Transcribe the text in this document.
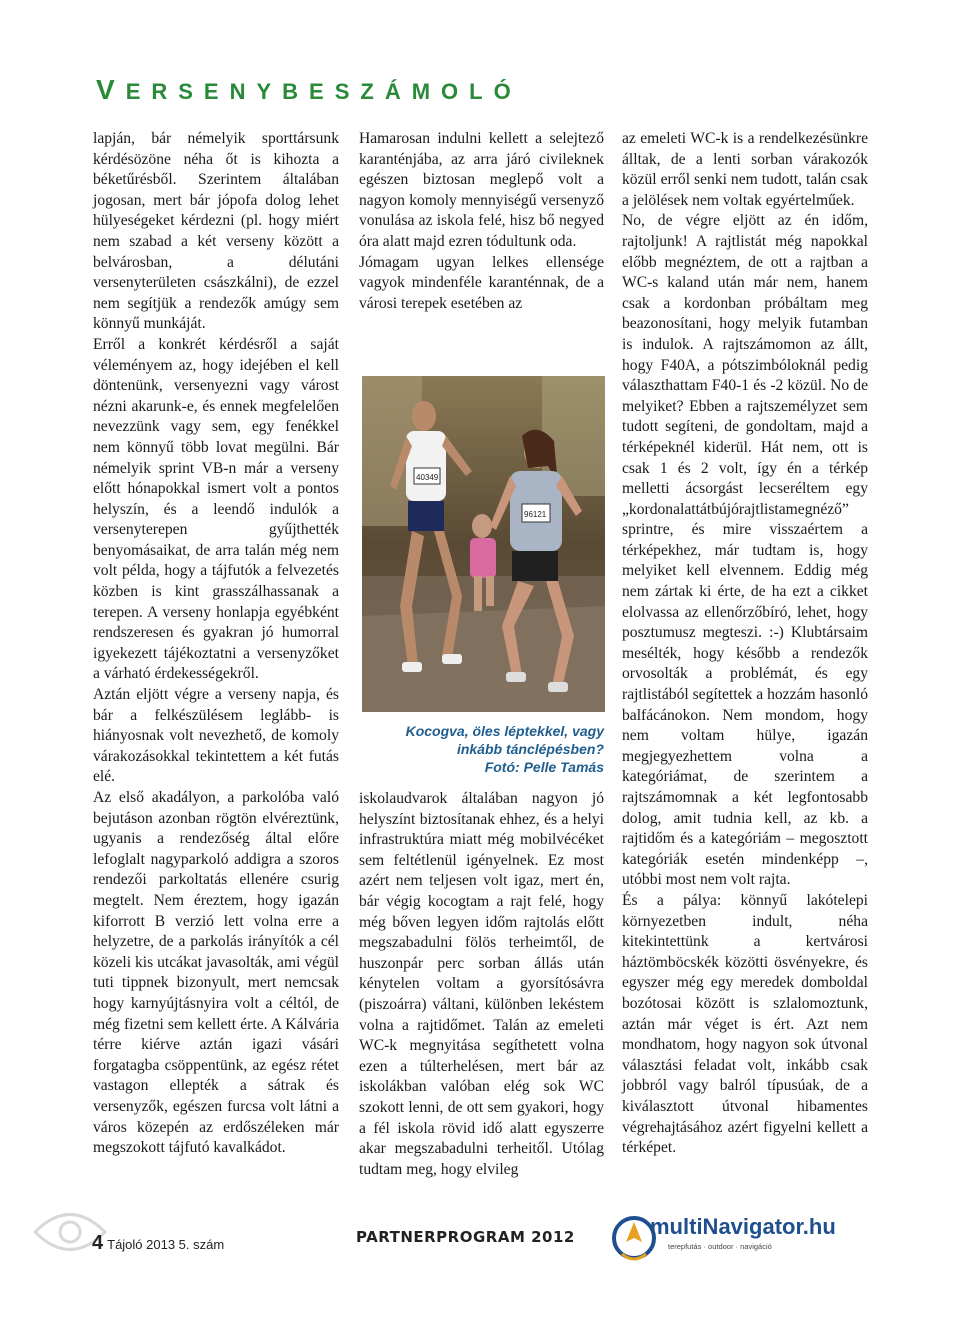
VERSENYBESZÁMOLÓ

lapján, bár némelyik sporttársunk kérdésözöne néha őt is kihozta a béketűrésből. Szerintem általában jogosan, mert bár jópofa dolog lehet hülyeségeket kérdezni (pl. hogy miért nem szabad a két verseny között a belvárosban, a délutáni versenyterületen császkálni), de ezzel nem segítjük a rendezők amúgy sem könnyű munkáját.

Erről a konkrét kérdésről a saját véleményem az, hogy idejében el kell döntenünk, versenyezni vagy várost nézni akarunk-e, és ennek megfelelően nevezzünk vagy sem, egy fenékkel nem könnyű több lovat megülni. Bár némelyik sprint VB-n már a verseny előtt hónapokkal ismert volt a pontos helyszín, és a leendő indulók a versenyterepen gyűjthették benyomásaikat, de arra talán még nem volt példa, hogy a tájfutók a felvezetés közben is kint grasszálhassanak a terepen. A verseny honlapja egyébként rendszeresen és gyakran jó humorral igyekezett tájékoztatni a versenyzőket a várható érdekességekről.

Aztán eljött végre a verseny napja, és bár a felkészülésem leglább- is hiányosnak volt nevezhető, de komoly várakozásokkal tekintettem a két futás elé.

Az első akadályon, a parkolóba való bejutáson azonban rögtön elvéreztünk, ugyanis a rendezőség által előre lefoglalt nagyparkoló addigra a szoros rendezői parkoltatás ellenére csurig megtelt. Nem éreztem, hogy igazán kiforrott B verzió lett volna erre a helyzetre, de a parkolás irányítók a cél közeli kis utcákat javasolták, ami végül tuti tippnek bizonyult, mert nemcsak hogy karnyújtásnyira volt a céltól, de még fizetni sem kellett érte. A Kálvária térre kiérve aztán igazi vásári forgatagba csöppentünk, az egész rétet vastagon ellepték a sátrak és versenyzők, egészen furcsa volt látni a város közepén az erdőszéleken már megszokott tájfutó kavalkádot.

Hamarosan indulni kellett a selejtező karanténjába, az arra járó civileknek egészen biztosan meglepő volt a nagyon komoly mennyiségű versenyző vonulása az iskola felé, hisz bő negyed óra alatt majd ezren tódultunk oda.

Jómagam ugyan lelkes ellensége vagyok mindenféle karanténnak, de a városi terepek esetében az

40349
96121
Kocogva, öles léptekkel, vagy
inkább tánclépésben?
Fotó: Pelle Tamás

iskolaudvarok általában nagyon jó helyszínt biztosítanak ehhez, és a helyi infrastruktúra miatt még mobilvécéket sem feltétlenül igényelnek. Ez most azért nem teljesen volt igaz, mert én, bár végig kocogtam a rajt felé, hogy még bőven legyen időm rajtolás előtt megszabadulni fölös terheimtől, de huszonpár perc sorban állás után kénytelen voltam a gyorsítósávra (piszoárra) váltani, különben lekéstem volna a rajtidőmet. Talán az emeleti WC-k megnyitása segíthetett volna ezen a túlterhelésen, mert bár az iskolákban valóban elég sok WC szokott lenni, de ott sem gyakori, hogy a fél iskola rövid idő alatt egyszerre akar megszabadulni terheitől. Utólag tudtam meg, hogy elvileg

az emeleti WC-k is a rendelkezésünkre álltak, de a lenti sorban várakozók közül erről senki nem tudott, talán csak a jelölések nem voltak egyértelműek.

No, de végre eljött az én időm, rajtoljunk! A rajtlistát még napokkal előbb megnéztem, de ott a rajtban a WC-s kaland után már nem, hanem csak a kordonban próbáltam meg beazonosítani, hogy melyik futamban is indulok. A rajtszámomon az állt, hogy F40A, a pótszimbóloknál pedig választhattam F40-1 és -2 közül. No de melyiket? Ebben a rajtszemélyzet sem tudott segíteni, de gondoltam, majd a térképeknél kiderül. Hát nem, ott is csak 1 és 2 volt, így én a térkép melletti ácsorgást lecseréltem egy „kordonalattátbújórajtlistamegnéző” sprintre, és mire visszaértem a térképekhez, már tudtam is, hogy melyiket kell elvennem. Eddig még nem zártak ki érte, de ha ezt a cikket elolvassa az ellenőrzőbíró, lehet, hogy posztumusz megteszi. :-) Klubtársaim mesélték, hogy később a rendezők orvosolták a problémát, és egy rajtlistából segítettek a hozzám hasonló balfácánokon. Nem mondom, hogy nem voltam hülye, igazán megjegyezhettem volna a kategóriámat, de szerintem a rajtszámomnak a két legfontosabb dolog, amit tudnia kell, az kb. a rajtidőm és a kategóriám – megosztott kategóriák esetén mindenképp –, utóbbi most nem volt rajta.

És a pálya: könnyű lakótelepi környezetben indult, néha kitekintettünk a kertvárosi háztömböcskék közötti ösvényekre, és egyszer még egy meredek domboldal bozótosai között is szlalomoztunk, aztán már véget is ért. Azt nem mondhatom, hogy nagyon sok útvonal választási feladat volt, inkább csak jobbról vagy balról típusúak, de a kiválasztott útvonal hibamentes végrehajtásához azért figyelni kellett a térképet.

4 Tájoló 2013 5. szám	PARTNERPROGRAM 2012	multiNavigator.hu
terepfutás · outdoor · navigáció
